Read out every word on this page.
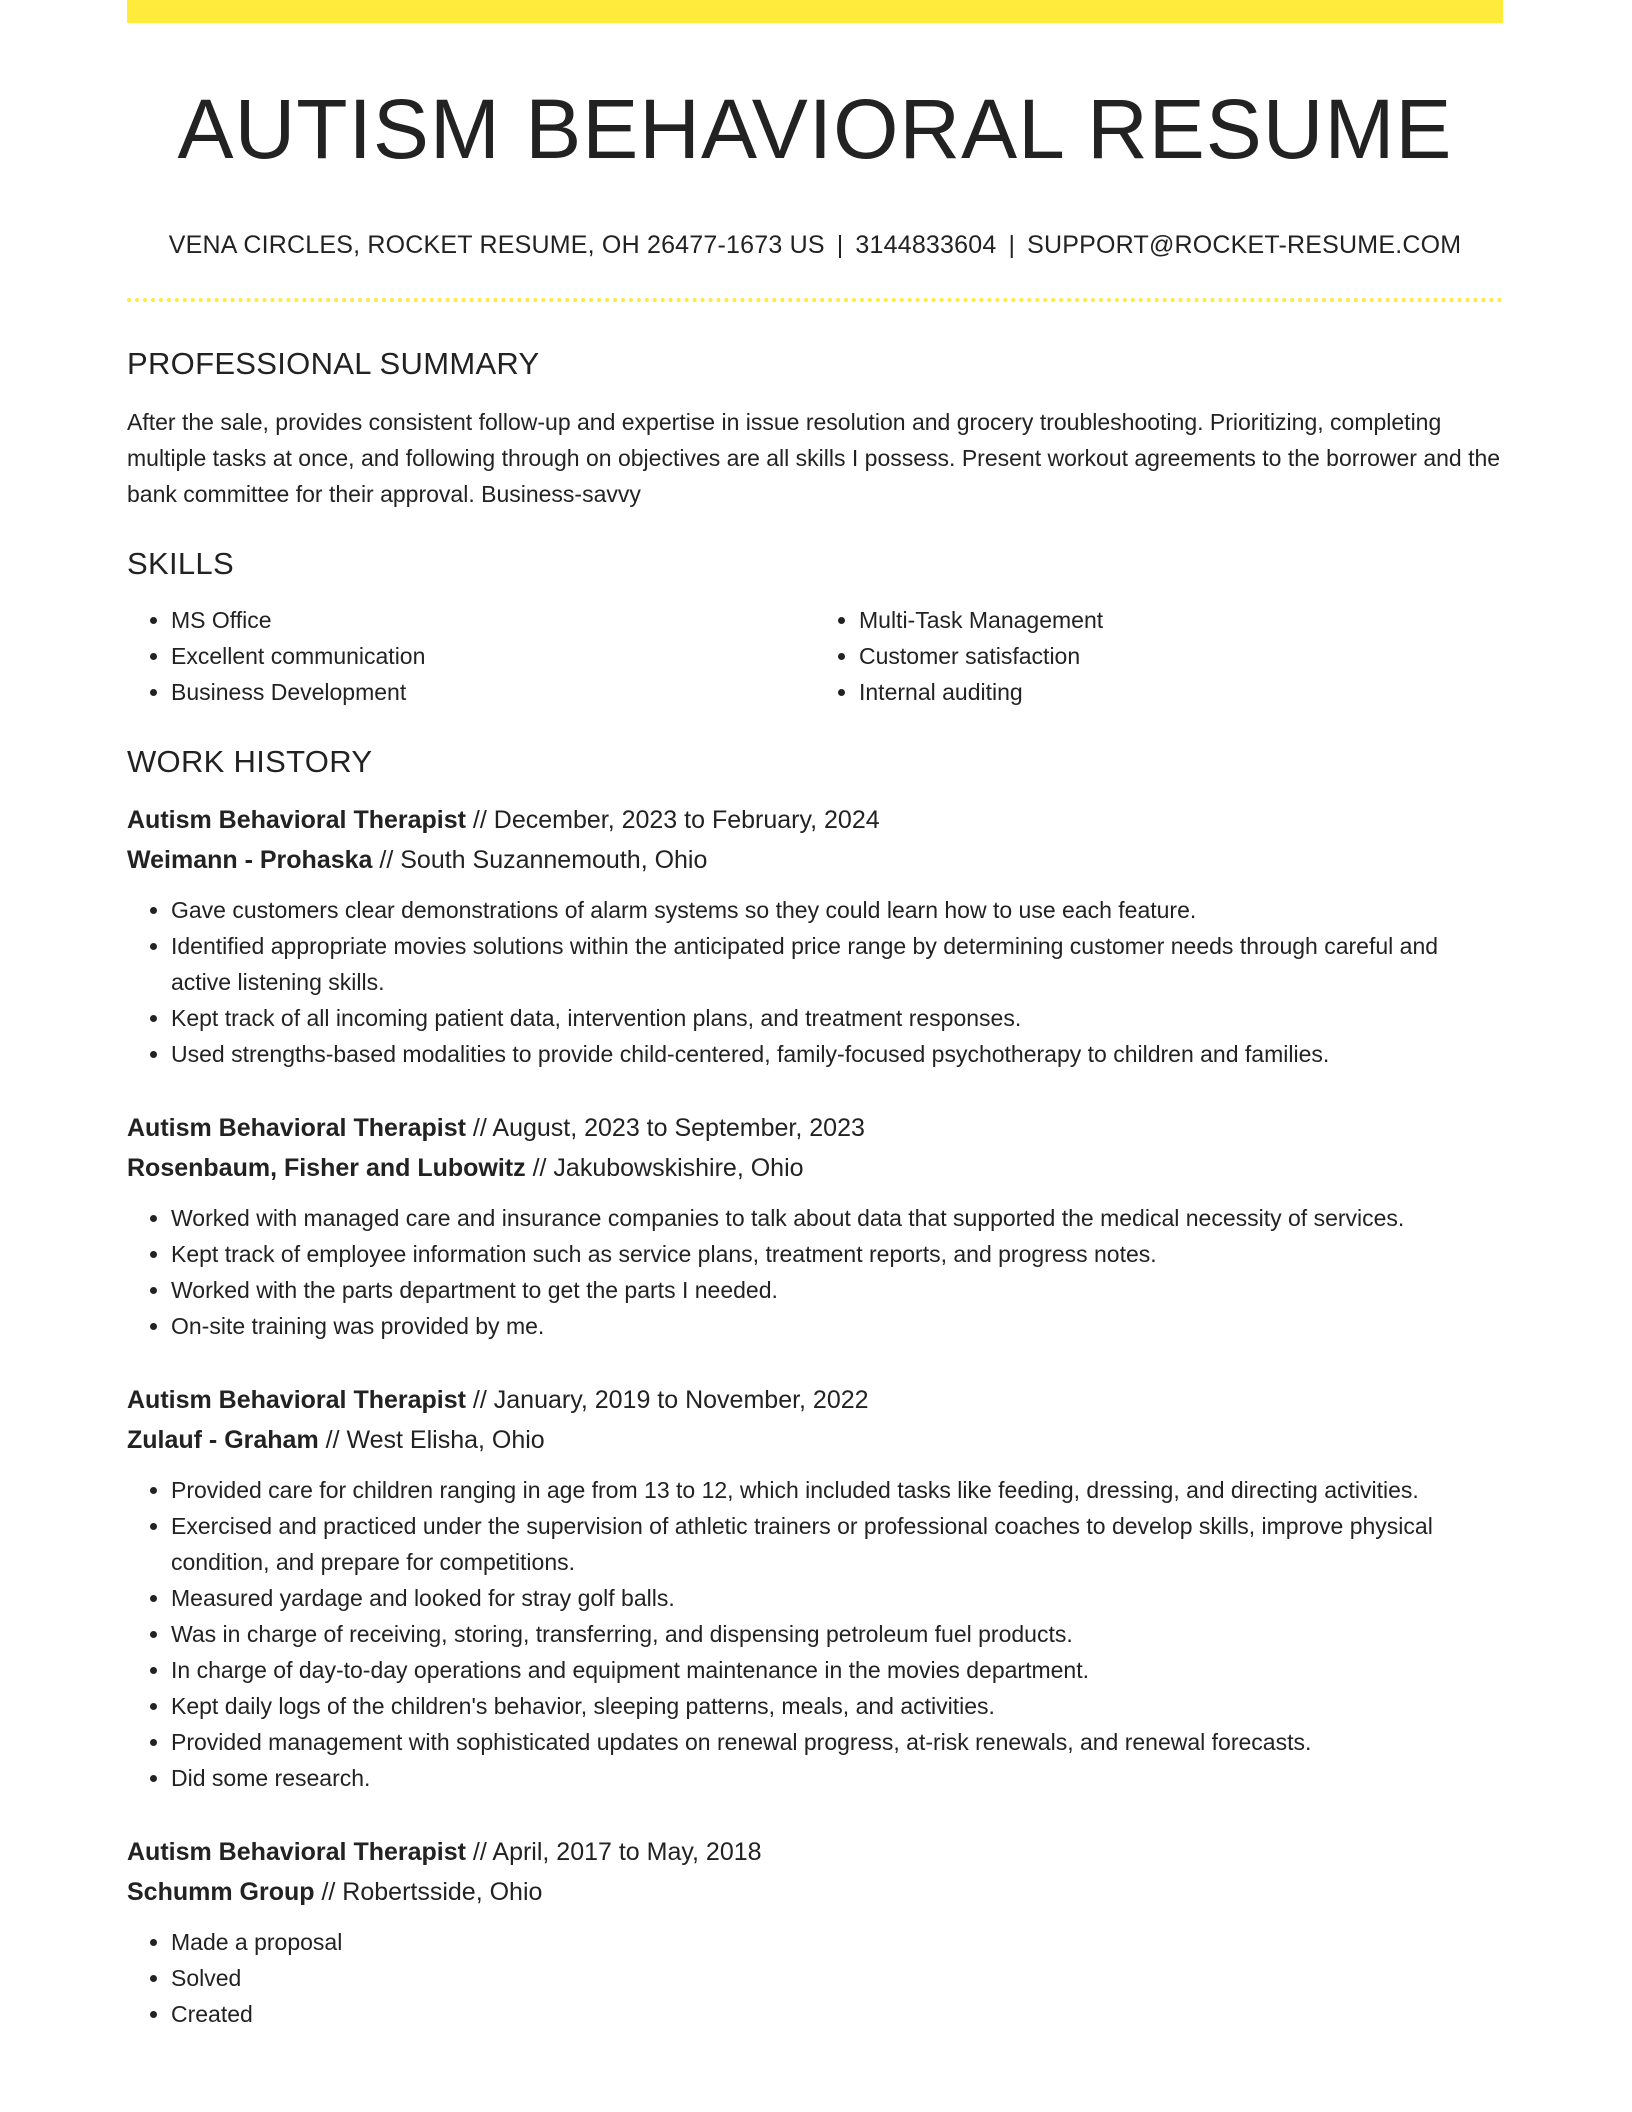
AUTISM BEHAVIORAL RESUME
VENA CIRCLES, ROCKET RESUME, OH 26477-1673 US | 3144833604 | SUPPORT@ROCKET-RESUME.COM
PROFESSIONAL SUMMARY
After the sale, provides consistent follow-up and expertise in issue resolution and grocery troubleshooting. Prioritizing, completing multiple tasks at once, and following through on objectives are all skills I possess. Present workout agreements to the borrower and the bank committee for their approval. Business-savvy
SKILLS
• MS Office
• Excellent communication
• Business Development
• Multi-Task Management
• Customer satisfaction
• Internal auditing
WORK HISTORY
Autism Behavioral Therapist // December, 2023 to February, 2024
Weimann - Prohaska // South Suzannemouth, Ohio
• Gave customers clear demonstrations of alarm systems so they could learn how to use each feature.
• Identified appropriate movies solutions within the anticipated price range by determining customer needs through careful and active listening skills.
• Kept track of all incoming patient data, intervention plans, and treatment responses.
• Used strengths-based modalities to provide child-centered, family-focused psychotherapy to children and families.
Autism Behavioral Therapist // August, 2023 to September, 2023
Rosenbaum, Fisher and Lubowitz // Jakubowskishire, Ohio
• Worked with managed care and insurance companies to talk about data that supported the medical necessity of services.
• Kept track of employee information such as service plans, treatment reports, and progress notes.
• Worked with the parts department to get the parts I needed.
• On-site training was provided by me.
Autism Behavioral Therapist // January, 2019 to November, 2022
Zulauf - Graham // West Elisha, Ohio
• Provided care for children ranging in age from 13 to 12, which included tasks like feeding, dressing, and directing activities.
• Exercised and practiced under the supervision of athletic trainers or professional coaches to develop skills, improve physical condition, and prepare for competitions.
• Measured yardage and looked for stray golf balls.
• Was in charge of receiving, storing, transferring, and dispensing petroleum fuel products.
• In charge of day-to-day operations and equipment maintenance in the movies department.
• Kept daily logs of the children's behavior, sleeping patterns, meals, and activities.
• Provided management with sophisticated updates on renewal progress, at-risk renewals, and renewal forecasts.
• Did some research.
Autism Behavioral Therapist // April, 2017 to May, 2018
Schumm Group // Robertsside, Ohio
• Made a proposal
• Solved
• Created
